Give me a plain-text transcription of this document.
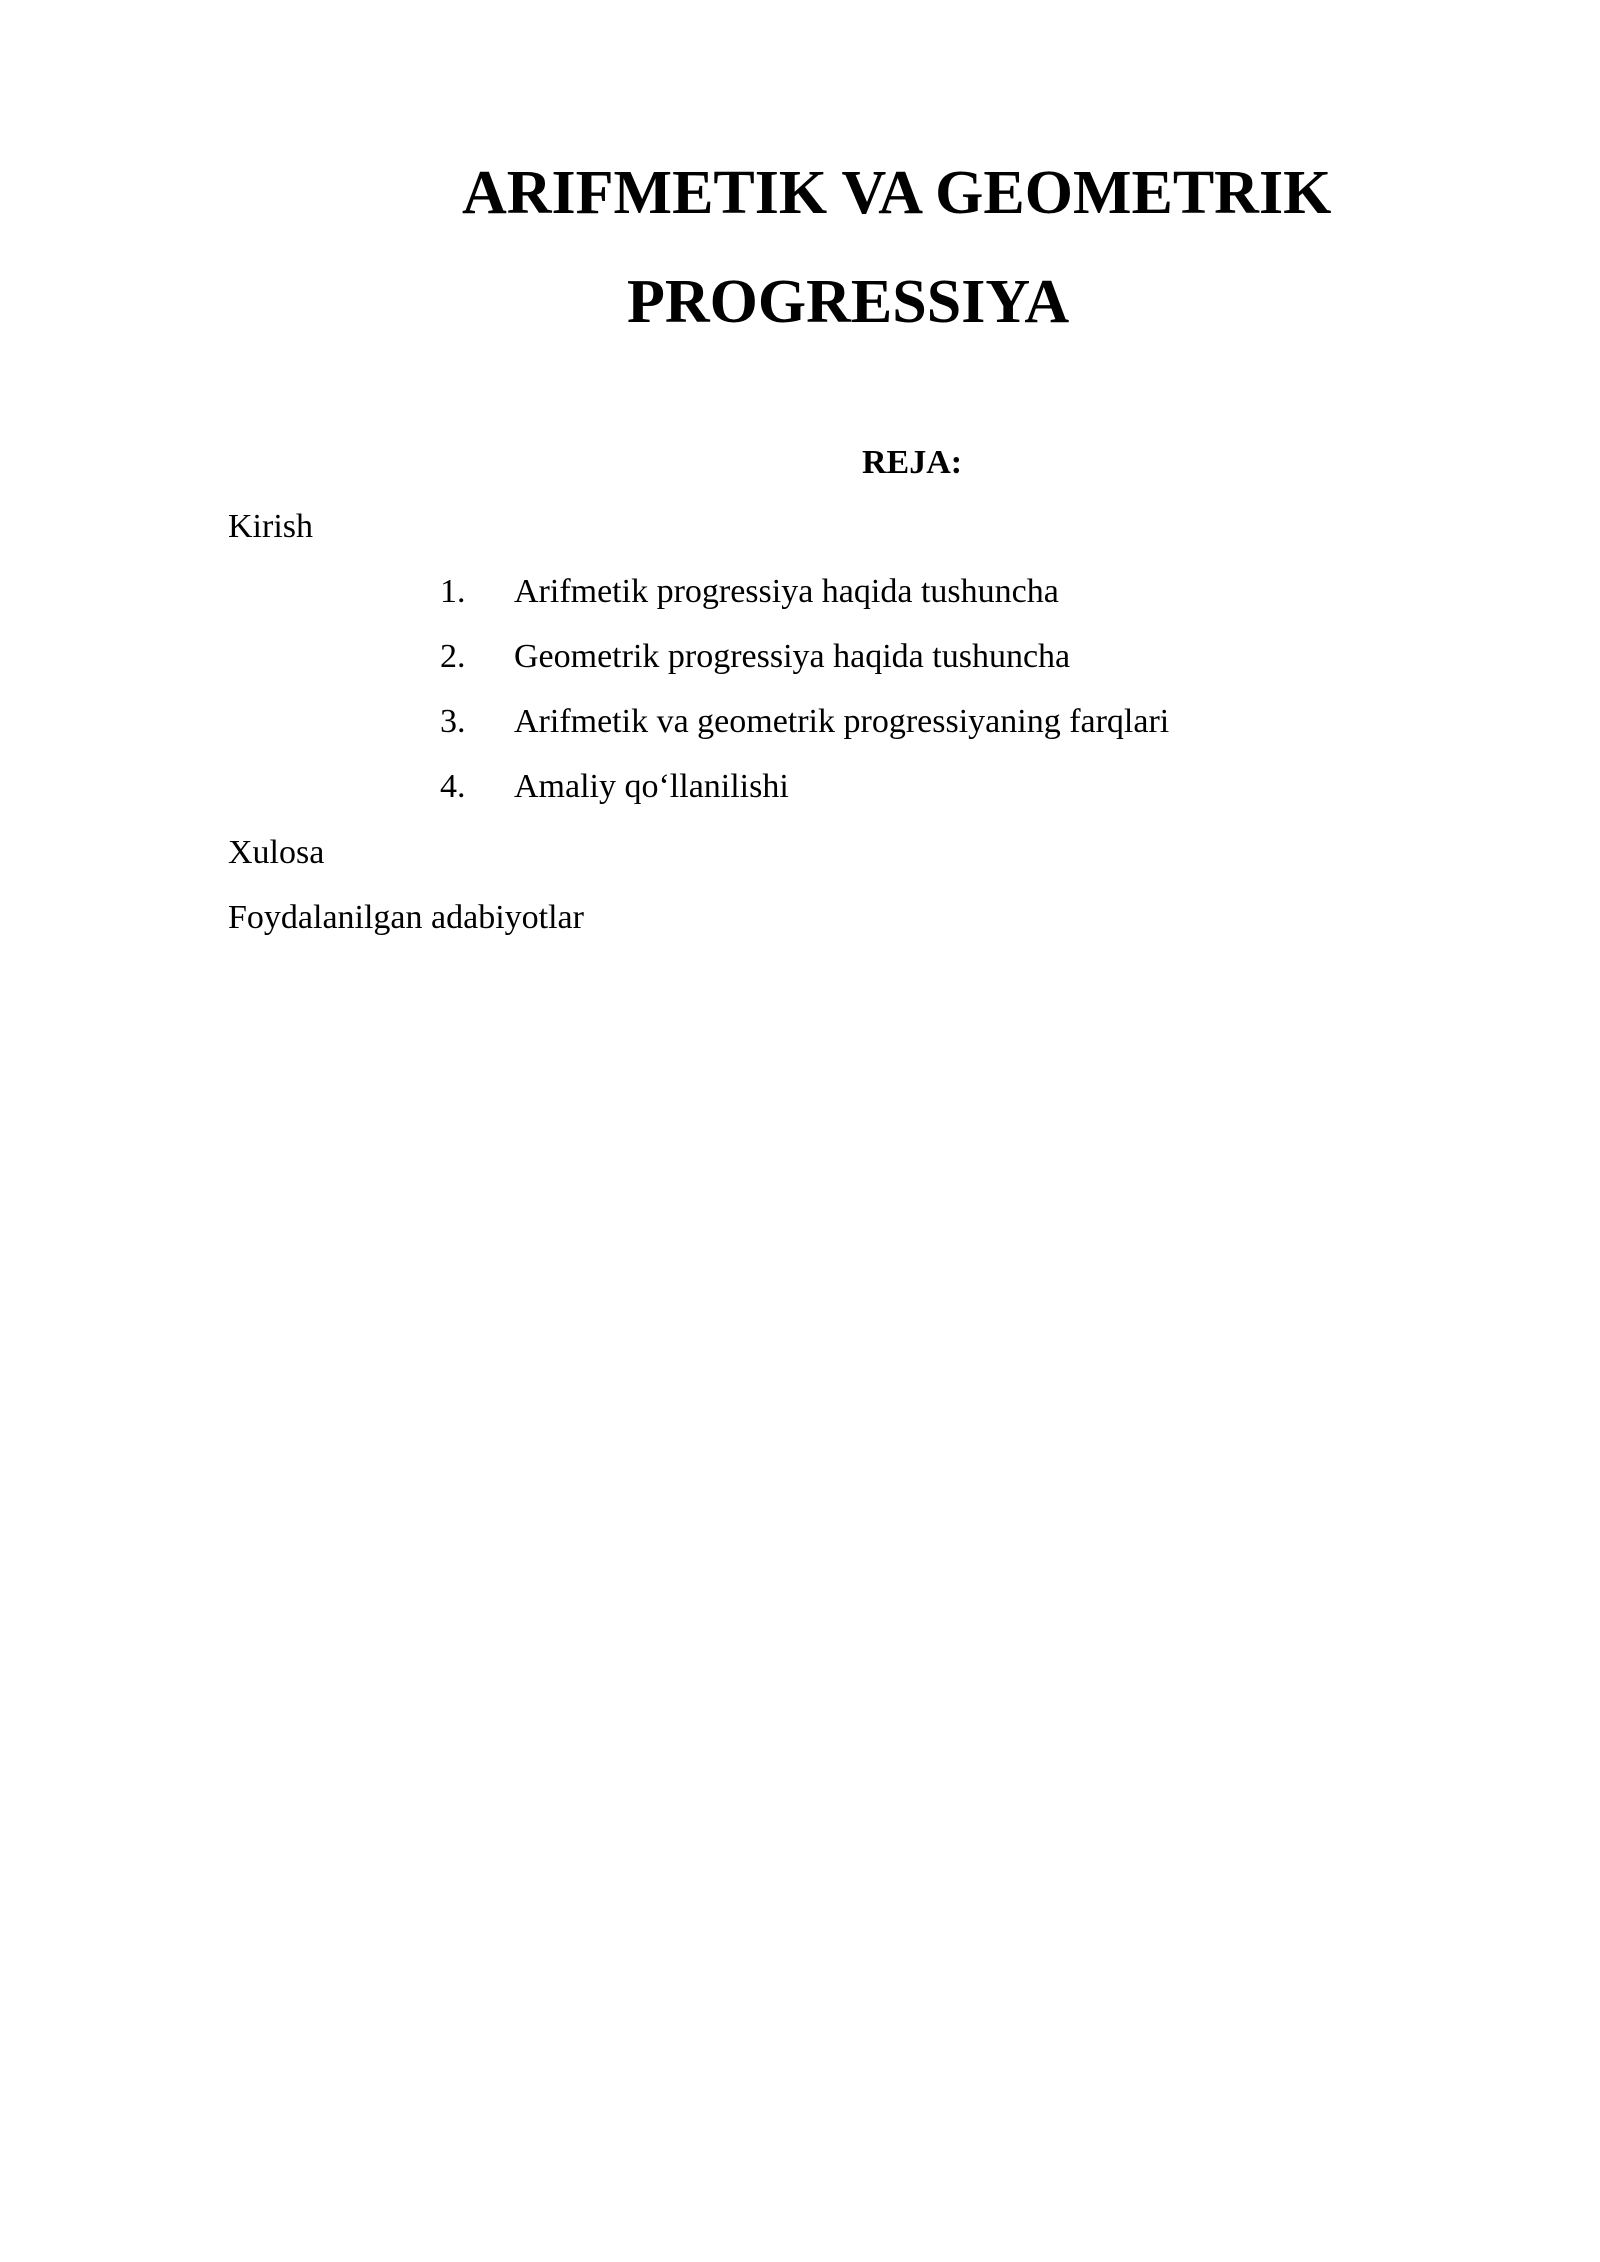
ARIFMETIK VA GEOMETRIK
PROGRESSIYA
REJA:

Kirish

1. Arifmetik progressiya haqida tushuncha
2. Geometrik progressiya haqida tushuncha
3. Arifmetik va geometrik progressiyaning farqlari
4. Amaliy qo‘llanilishi

Xulosa

Foydalanilgan adabiyotlar
